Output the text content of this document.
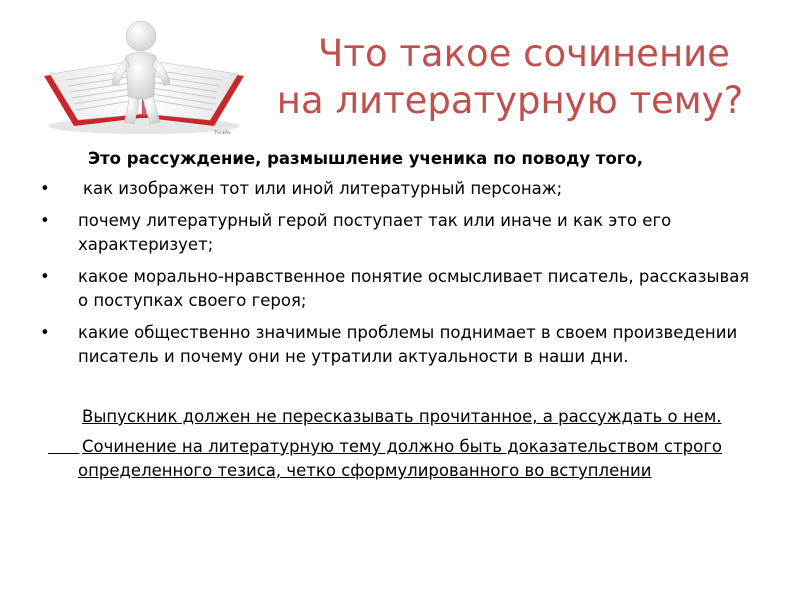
ThinkPix
Что такое сочинение
на литературную тему?

Это рассуждение, размышление ученика по поводу того,

• как изображен тот или иной литературный персонаж;
• почему литературный герой поступает так или иначе и как это его характеризует;
• какое морально-нравственное понятие осмысливает писатель, рассказывая о поступках своего героя;
• какие общественно значимые проблемы поднимает в своем произведении писатель и почему они не утратили актуальности в наши дни.
Выпускник должен не пересказывать прочитанное, а рассуждать о нем.

Сочинение на литературную тему должно быть доказательством строго определенного тезиса, четко сформулированного во вступлении
